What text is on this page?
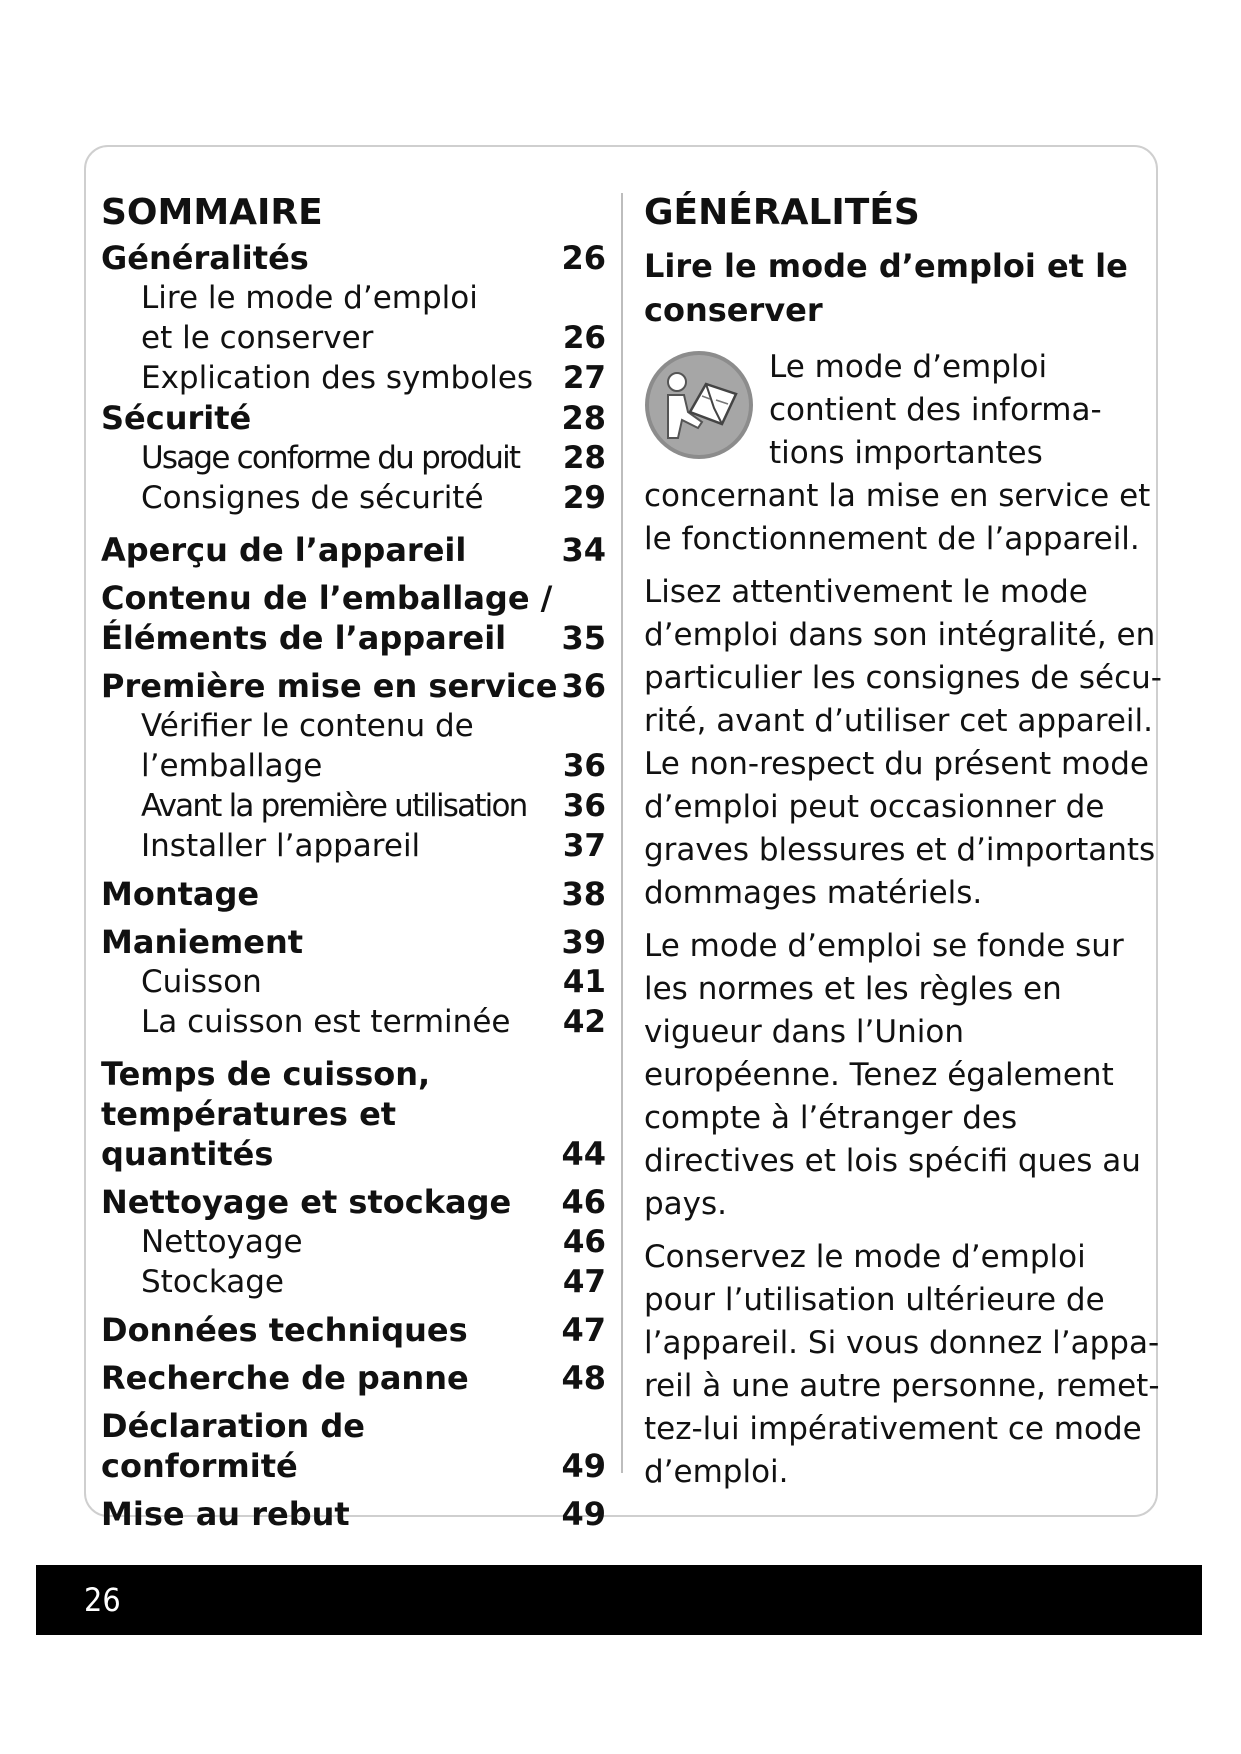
SOMMAIRE
Généralités	26
Lire le mode d’emploi
et le conserver	26
Explication des symboles 27
Sécurité	28
Usage conforme du produit	28
Consignes de sécurité	29
Aperçu de l’appareil	34
Contenu de l’emballage /
Éléments de l’appareil	35
Première mise en service 36
Vérifier le contenu de
l’emballage	36
Avant la première utilisation	36
Installer l’appareil	37
Montage	38
Maniement	39
Cuisson	41
La cuisson est terminée	42
Temps de cuisson,
températures et quantités	44
Nettoyage et stockage	46
Nettoyage	46
Stockage	47
Données techniques	47
Recherche de panne	48
Déclaration de conformité	49
Mise au rebut	49
GÉNÉRALITÉS
Lire le mode d’emploi et le
conserver
Le mode d’emploi
contient des informa-
tions importantes
concernant la mise en service et le fonctionnement de l’appareil.
Lisez attentivement le mode d’emploi dans son intégralité, en particulier les consignes de sécu-rité, avant d’utiliser cet appareil. Le non-respect du présent mode d’emploi peut occasionner de graves blessures et d’importants dommages matériels.
Le mode d’emploi se fonde sur les normes et les règles en vigueur dans l’Union européenne. Tenez également compte à l’étranger des directives et lois spécifi ques au pays.
Conservez le mode d’emploi pour l’utilisation ultérieure de l’appareil. Si vous donnez l’appa-reil à une autre personne, remet-tez-lui impérativement ce mode d’emploi.
26
